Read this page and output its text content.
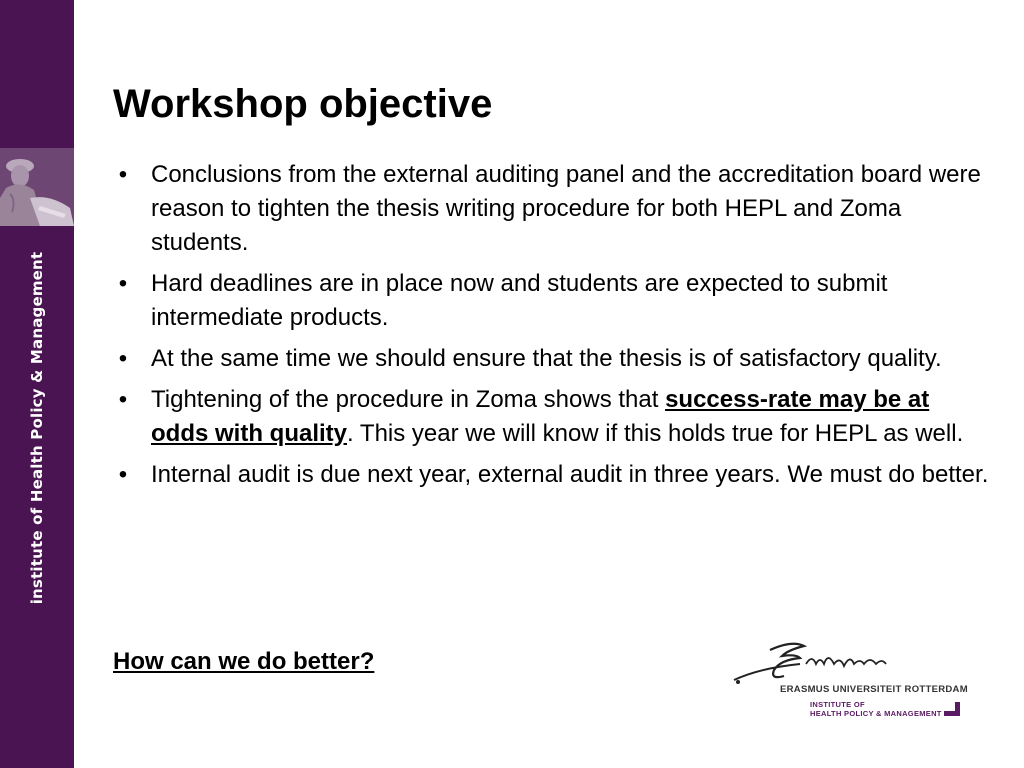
institute of Health Policy & Management
Workshop objective
• Conclusions from the external auditing panel and the accreditation board were reason to tighten the thesis writing procedure for both HEPL and Zoma students.
• Hard deadlines are in place now and students are expected to submit intermediate products.
• At the same time we should ensure that the thesis is of satisfactory quality.
• Tightening of the procedure in Zoma shows that success-rate may be at odds with quality. This year we will know if this holds true for HEPL as well.
• Internal audit is due next year, external audit in three years. We must do better.

How can we do better?

ERASMUS UNIVERSITEIT ROTTERDAM
INSTITUTE OF
HEALTH POLICY & MANAGEMENT
